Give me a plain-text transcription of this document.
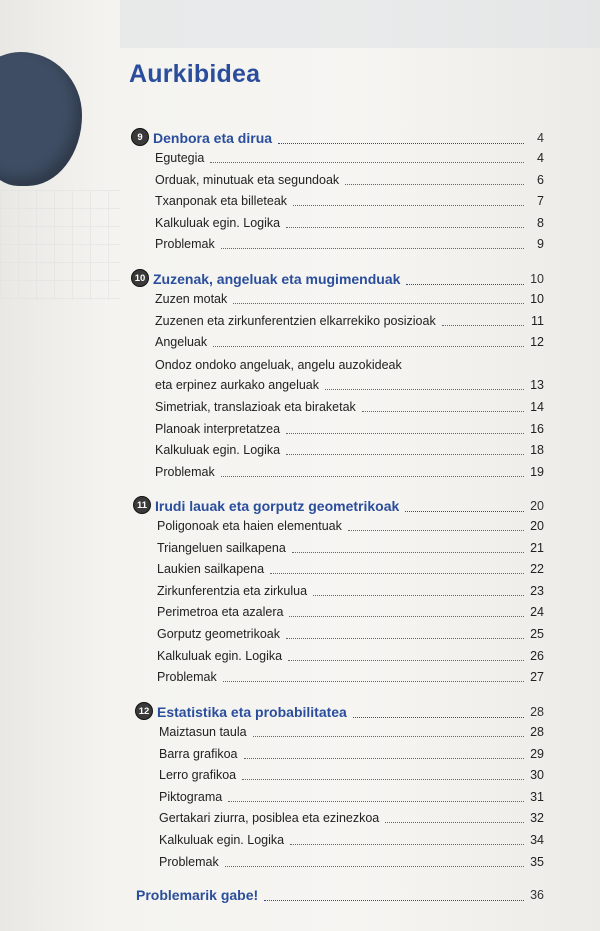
Aurkibidea
9 Denbora eta dirua	4
Egutegia	4
Orduak, minutuak eta segundoak	6
Txanponak eta billeteak	7
Kalkuluak egin. Logika	8
Problemak	9
10 Zuzenak, angeluak eta mugimenduak	10
Zuzen motak	10
Zuzenen eta zirkunferentzien elkarrekiko posizioak	11
Angeluak	12
Ondoz ondoko angeluak, angelu auzokideak
eta erpinez aurkako angeluak	13
Simetriak, translazioak eta biraketak	14
Planoak interpretatzea	16
Kalkuluak egin. Logika	18
Problemak	19
11 Irudi lauak eta gorputz geometrikoak	20
Poligonoak eta haien elementuak	20
Triangeluen sailkapena	21
Laukien sailkapena	22
Zirkunferentzia eta zirkulua	23
Perimetroa eta azalera	24
Gorputz geometrikoak	25
Kalkuluak egin. Logika	26
Problemak	27
12 Estatistika eta probabilitatea	28
Maiztasun taula	28
Barra grafikoa	29
Lerro grafikoa	30
Piktograma	31
Gertakari ziurra, posiblea eta ezinezkoa	32
Kalkuluak egin. Logika	34
Problemak	35
Problemarik gabe!	36
